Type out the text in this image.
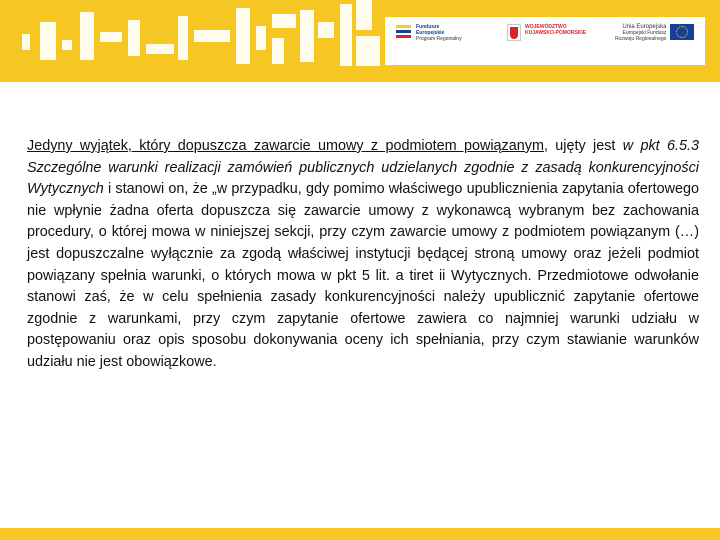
Fundusze
Europejskie
Program Regionalny
WOJEWÓDZTWO
KUJAWSKO-POMORSKIE
Unia Europejska
Europejski Fundusz
Rozwoju Regionalnego

Jedyny wyjątek, który dopuszcza zawarcie umowy z podmiotem powiązanym, ujęty jest w pkt 6.5.3 Szczególne warunki realizacji zamówień publicznych udzielanych zgodnie z zasadą konkurencyjności Wytycznych i stanowi on, że „w przypadku, gdy pomimo właściwego upublicznienia zapytania ofertowego nie wpłynie żadna oferta dopuszcza się zawarcie umowy z wykonawcą wybranym bez zachowania procedury, o której mowa w niniejszej sekcji, przy czym zawarcie umowy z podmiotem powiązanym (…) jest dopuszczalne wyłącznie za zgodą właściwej instytucji będącej stroną umowy oraz jeżeli podmiot powiązany spełnia warunki, o których mowa w pkt 5 lit. a tiret ii Wytycznych. Przedmiotowe odwołanie stanowi zaś, że w celu spełnienia zasady konkurencyjności należy upublicznić zapytanie ofertowe zgodnie z warunkami, przy czym zapytanie ofertowe zawiera co najmniej warunki udziału w postępowaniu oraz opis sposobu dokonywania oceny ich spełniania, przy czym stawianie warunków udziału nie jest obowiązkowe.
